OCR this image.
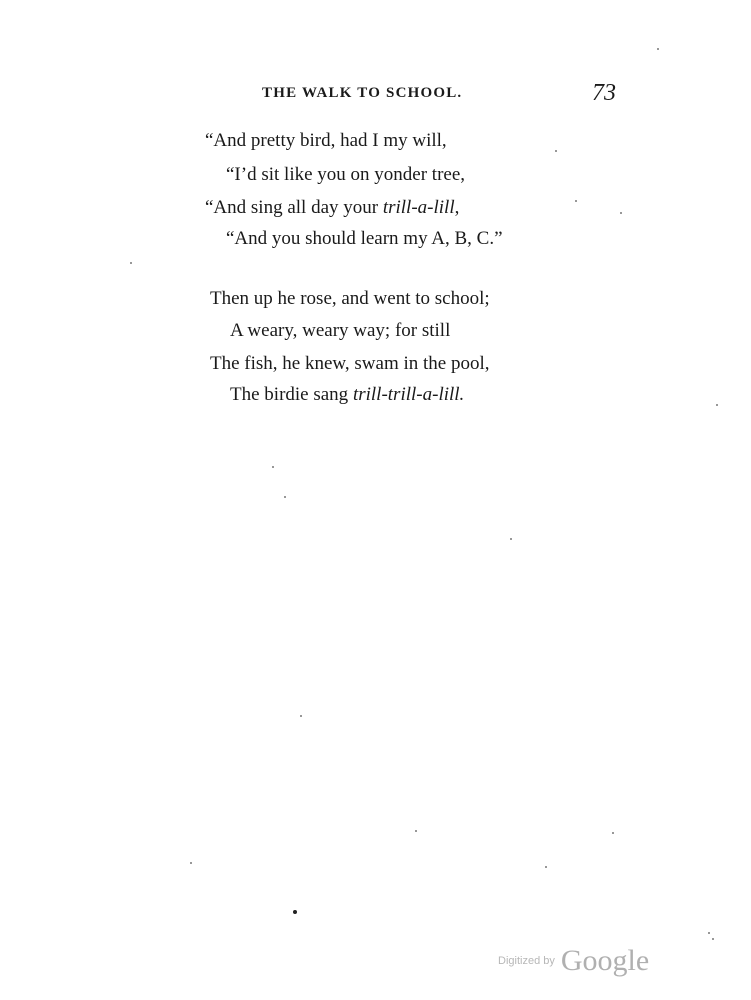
THE WALK TO SCHOOL.	73
“And pretty bird, had I my will,
“I’d sit like you on yonder tree,
“And sing all day your trill-a-lill,
“And you should learn my A, B, C.”
Then up he rose, and went to school;
A weary, weary way; for still
The fish, he knew, swam in the pool,
The birdie sang trill-trill-a-lill.
Digitized by Google
